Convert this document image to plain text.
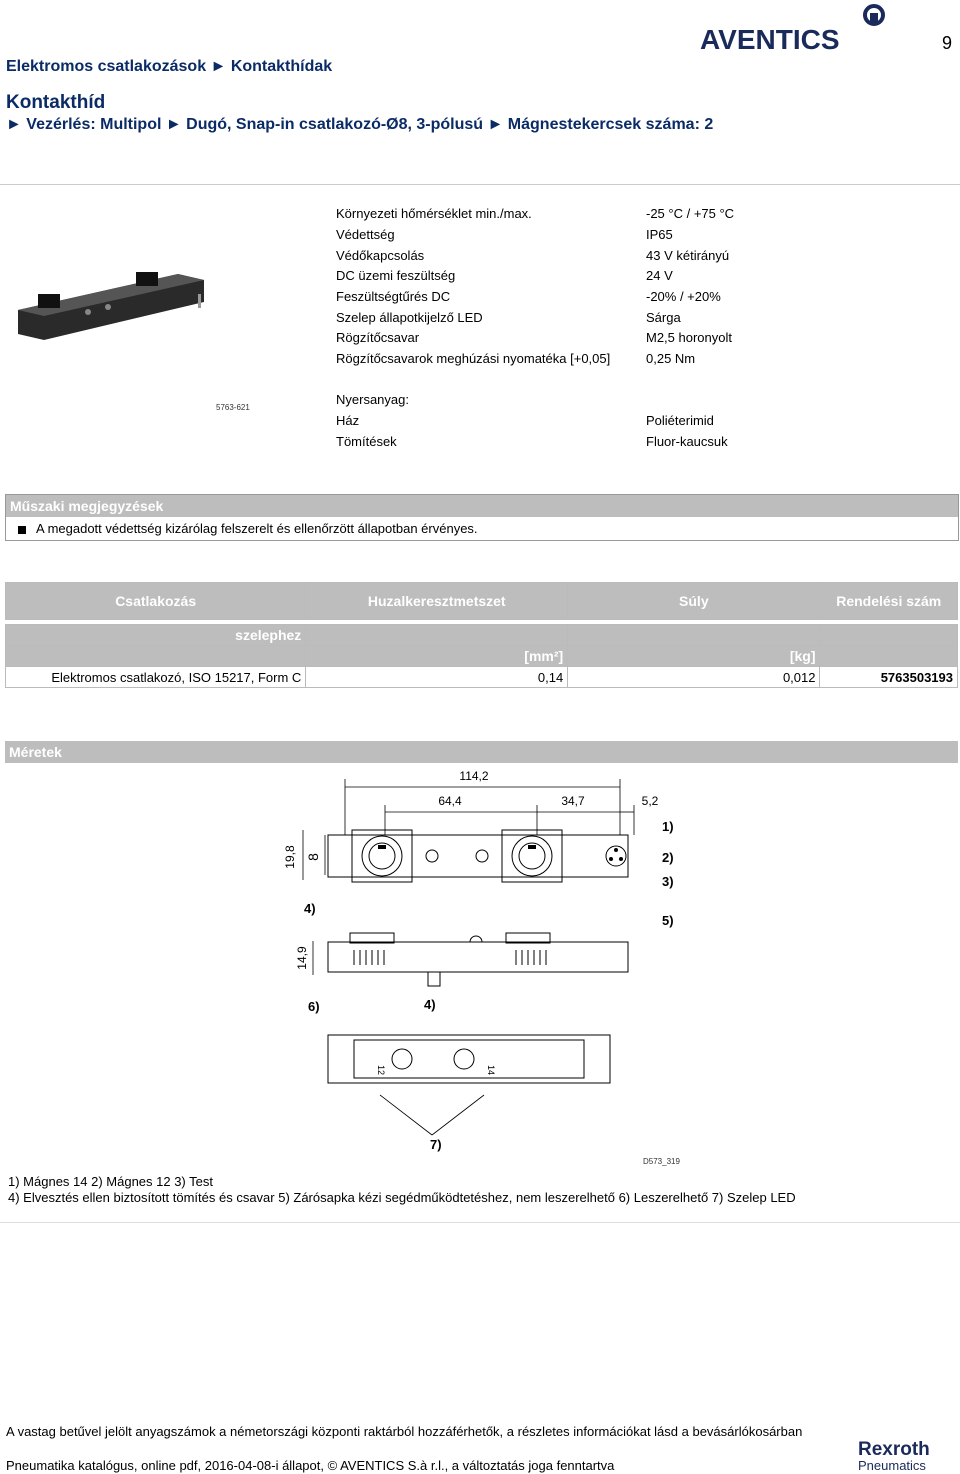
9
AVENTICS
Elektromos csatlakozások ► Kontakthídak
Kontakthíd
► Vezérlés: Multipol ► Dugó, Snap-in csatlakozó-Ø8, 3-pólusú ► Mágnestekercsek száma: 2
5763-621
Környezeti hőmérséklet min./max.	-25 °C / +75 °C
Védettség	IP65
Védőkapcsolás	43 V kétirányú
DC üzemi feszültség	24 V
Feszültségtűrés DC	-20% / +20%
Szelep állapotkijelző LED	Sárga
Rögzítőcsavar	M2,5 horonyolt
Rögzítőcsavarok meghúzási nyomatéka [+0,05]	0,25 Nm
Nyersanyag:
Ház	Poliéterimid
Tömítések	Fluor-kaucsuk
Műszaki megjegyzések
A megadott védettség kizárólag felszerelt és ellenőrzött állapotban érvényes.
Csatlakozás	Huzalkeresztmetszet	Súly	Rendelési szám

szelephez			
	[mm²]	[kg]	
Elektromos csatlakozó, ISO 15217, Form C	0,14	0,012	5763503193
Méretek
114,2
64,4	34,7	5,2
19,8 8
14,9
12	14
1)
2)
3)
4)
5)
6)	4)
7)
D573_319
1) Mágnes 14 2) Mágnes 12 3) Test
4) Elvesztés ellen biztosított tömítés és csavar 5) Zárósapka kézi segédműködtetéshez, nem leszerelhető 6) Leszerelhető 7) Szelep LED
A vastag betűvel jelölt anyagszámok a németországi központi raktárból hozzáférhetők, a részletes információkat lásd a bevásárlókosárban
Pneumatika katalógus, online pdf, 2016-04-08-i állapot, © AVENTICS S.à r.l., a változtatás joga fenntartva
Rexroth
Pneumatics
